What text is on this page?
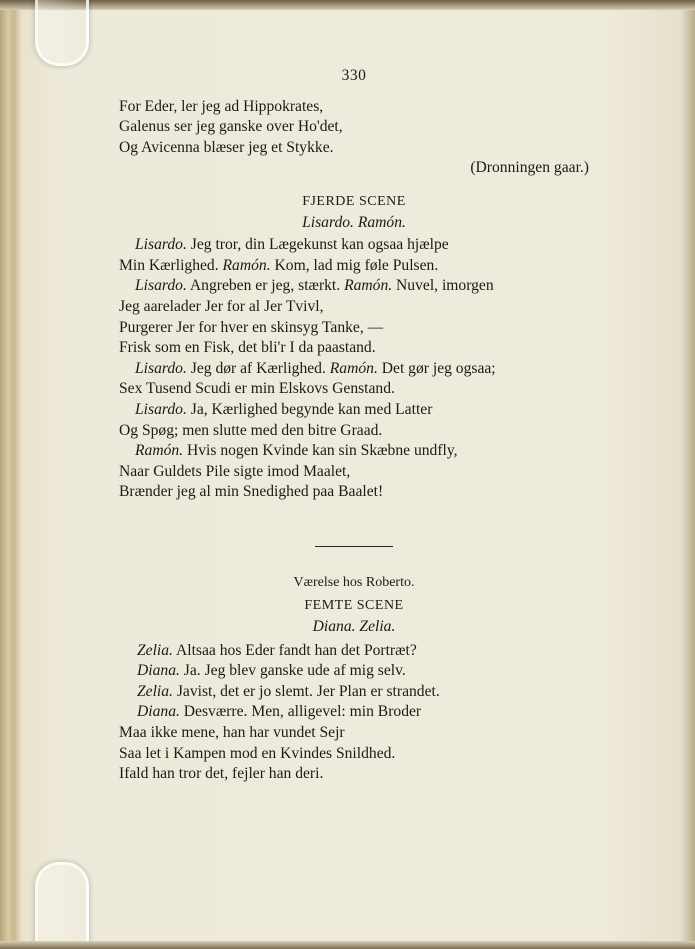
330
For Eder, ler jeg ad Hippokrates,
Galenus ser jeg ganske over Ho'det,
Og Avicenna blæser jeg et Stykke.
(Dronningen gaar.)
FJERDE SCENE
Lisardo. Ramón.
Lisardo. Jeg tror, din Lægekunst kan ogsaa hjælpe
Min Kærlighed. Ramón. Kom, lad mig føle Pulsen.
Lisardo. Angreben er jeg, stærkt. Ramón. Nuvel, imorgen
Jeg aarelader Jer for al Jer Tvivl,
Purgerer Jer for hver en skinsyg Tanke, —
Frisk som en Fisk, det bli'r I da paastand.
Lisardo. Jeg dør af Kærlighed. Ramón. Det gør jeg ogsaa;
Sex Tusend Scudi er min Elskovs Genstand.
Lisardo. Ja, Kærlighed begynde kan med Latter
Og Spøg; men slutte med den bitre Graad.
Ramón. Hvis nogen Kvinde kan sin Skæbne undfly,
Naar Guldets Pile sigte imod Maalet,
Brænder jeg al min Snedighed paa Baalet!
Værelse hos Roberto.
FEMTE SCENE
Diana. Zelia.
Zelia. Altsaa hos Eder fandt han det Portræt?
Diana. Ja. Jeg blev ganske ude af mig selv.
Zelia. Javist, det er jo slemt. Jer Plan er strandet.
Diana. Desværre. Men, alligevel: min Broder
Maa ikke mene, han har vundet Sejr
Saa let i Kampen mod en Kvindes Snildhed.
Ifald han tror det, fejler han deri.
